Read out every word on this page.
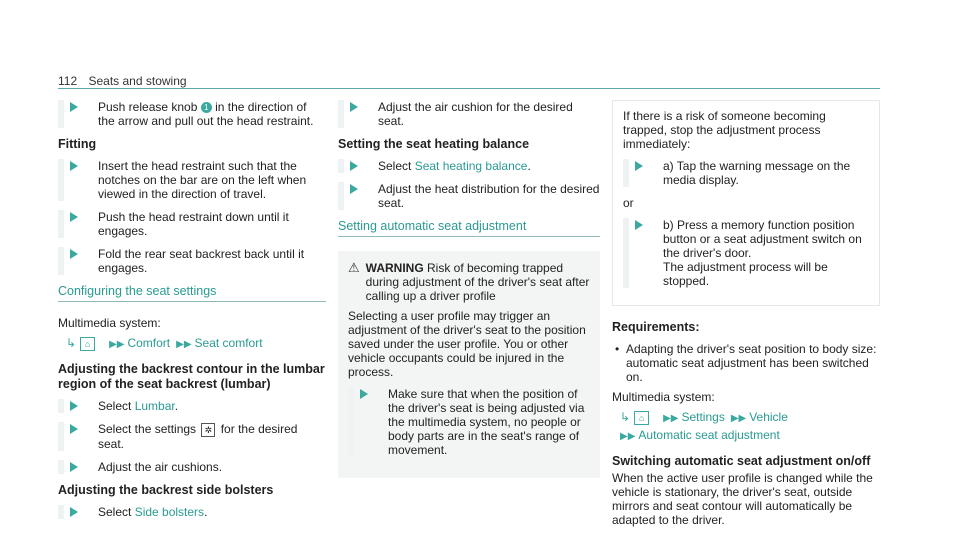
112 Seats and stowing
Push release knob 1 in the direction of the arrow and pull out the head restraint.
Fitting
Insert the head restraint such that the notches on the bar are on the left when viewed in the direction of travel.
Push the head restraint down until it engages.
Fold the rear seat backrest back until it engages.
Configuring the seat settings

Multimedia system:

↳ ⌂ ▶▶ Comfort ▶▶ Seat comfort
Adjusting the backrest contour in the lumbar region of the seat backrest (lumbar)
Select Lumbar.
Select the settings ✲ for the desired seat.
Adjust the air cushions.
Adjusting the backrest side bolsters
Select Side bolsters.
Adjust the air cushion for the desired seat.
Setting the seat heating balance
Select Seat heating balance.
Adjust the heat distribution for the desired seat.
Setting automatic seat adjustment
⚠ WARNING Risk of becoming trapped during adjustment of the driver's seat after calling up a driver profile
Selecting a user profile may trigger an adjustment of the driver's seat to the position saved under the user profile. You or other vehicle occupants could be injured in the process.
Make sure that when the position of the driver's seat is being adjusted via the multimedia system, no people or body parts are in the seat's range of movement.

If there is a risk of someone becoming trapped, stop the adjustment process immediately:

a) Tap the warning message on the media display.

or

b) Press a memory function position button or a seat adjustment switch on the driver's door.
The adjustment process will be stopped.
Requirements:
• Adapting the driver's seat position to body size: automatic seat adjustment has been switched on.

Multimedia system:

↳ ⌂ ▶▶ Settings ▶▶ Vehicle
▶▶ Automatic seat adjustment
Switching automatic seat adjustment on/off

When the active user profile is changed while the vehicle is stationary, the driver's seat, outside mirrors and seat contour will automatically be adapted to the driver.
